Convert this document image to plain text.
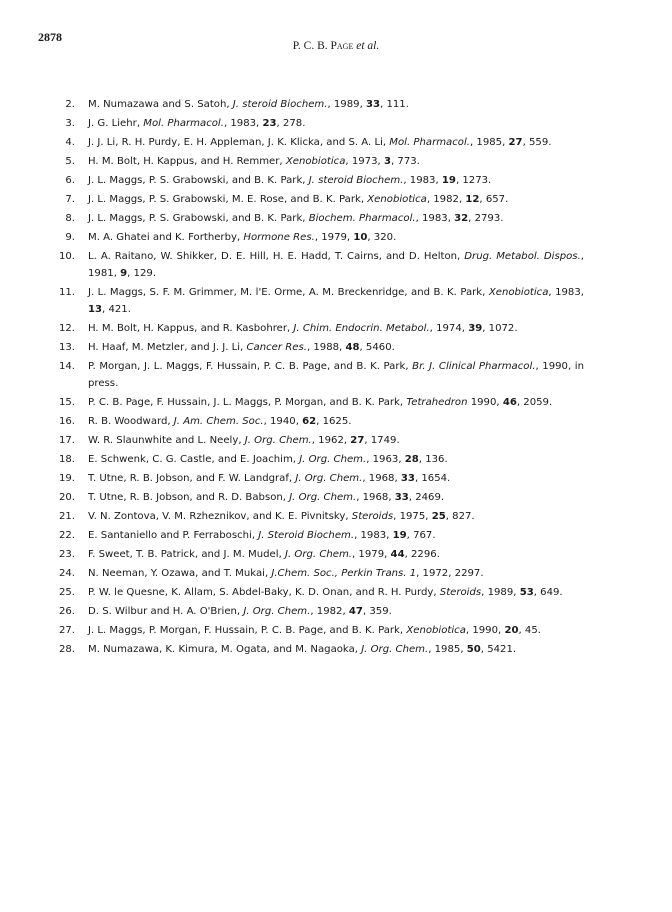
2878
P. C. B. Page et al.
2.	M. Numazawa and S. Satoh, J. steroid Biochem., 1989, 33, 111.
3.	J. G. Liehr, Mol. Pharmacol., 1983, 23, 278.
4.	J. J. Li, R. H. Purdy, E. H. Appleman, J. K. Klicka, and S. A. Li, Mol. Pharmacol., 1985, 27, 559.
5.	H. M. Bolt, H. Kappus, and H. Remmer, Xenobiotica, 1973, 3, 773.
6.	J. L. Maggs, P. S. Grabowski, and B. K. Park, J. steroid Biochem., 1983, 19, 1273.
7.	J. L. Maggs, P. S. Grabowski, M. E. Rose, and B. K. Park, Xenobiotica, 1982, 12, 657.
8.	J. L. Maggs, P. S. Grabowski, and B. K. Park, Biochem. Pharmacol., 1983, 32, 2793.
9.	M. A. Ghatei and K. Fortherby, Hormone Res., 1979, 10, 320.
10.	L. A. Raitano, W. Shikker, D. E. Hill, H. E. Hadd, T. Cairns, and D. Helton, Drug. Metabol. Dispos., 1981, 9, 129.
11.	J. L. Maggs, S. F. M. Grimmer, M. l'E. Orme, A. M. Breckenridge, and B. K. Park, Xenobiotica, 1983, 13, 421.
12.	H. M. Bolt, H. Kappus, and R. Kasbohrer, J. Chim. Endocrin. Metabol., 1974, 39, 1072.
13.	H. Haaf, M. Metzler, and J. J. Li, Cancer Res., 1988, 48, 5460.
14.	P. Morgan, J. L. Maggs, F. Hussain, P. C. B. Page, and B. K. Park, Br. J. Clinical Pharmacol., 1990, in press.
15.	P. C. B. Page, F. Hussain, J. L. Maggs, P. Morgan, and B. K. Park, Tetrahedron 1990, 46, 2059.
16.	R. B. Woodward, J. Am. Chem. Soc., 1940, 62, 1625.
17.	W. R. Slaunwhite and L. Neely, J. Org. Chem., 1962, 27, 1749.
18.	E. Schwenk, C. G. Castle, and E. Joachim, J. Org. Chem., 1963, 28, 136.
19.	T. Utne, R. B. Jobson, and F. W. Landgraf, J. Org. Chem., 1968, 33, 1654.
20.	T. Utne, R. B. Jobson, and R. D. Babson, J. Org. Chem., 1968, 33, 2469.
21.	V. N. Zontova, V. M. Rzheznikov, and K. E. Pivnitsky, Steroids, 1975, 25, 827.
22.	E. Santaniello and P. Ferraboschi, J. Steroid Biochem., 1983, 19, 767.
23.	F. Sweet, T. B. Patrick, and J. M. Mudel, J. Org. Chem., 1979, 44, 2296.
24.	N. Neeman, Y. Ozawa, and T. Mukai, J.Chem. Soc., Perkin Trans. 1, 1972, 2297.
25.	P. W. le Quesne, K. Allam, S. Abdel-Baky, K. D. Onan, and R. H. Purdy, Steroids, 1989, 53, 649.
26.	D. S. Wilbur and H. A. O'Brien, J. Org. Chem., 1982, 47, 359.
27.	J. L. Maggs, P. Morgan, F. Hussain, P. C. B. Page, and B. K. Park, Xenobiotica, 1990, 20, 45.
28.	M. Numazawa, K. Kimura, M. Ogata, and M. Nagaoka, J. Org. Chem., 1985, 50, 5421.
